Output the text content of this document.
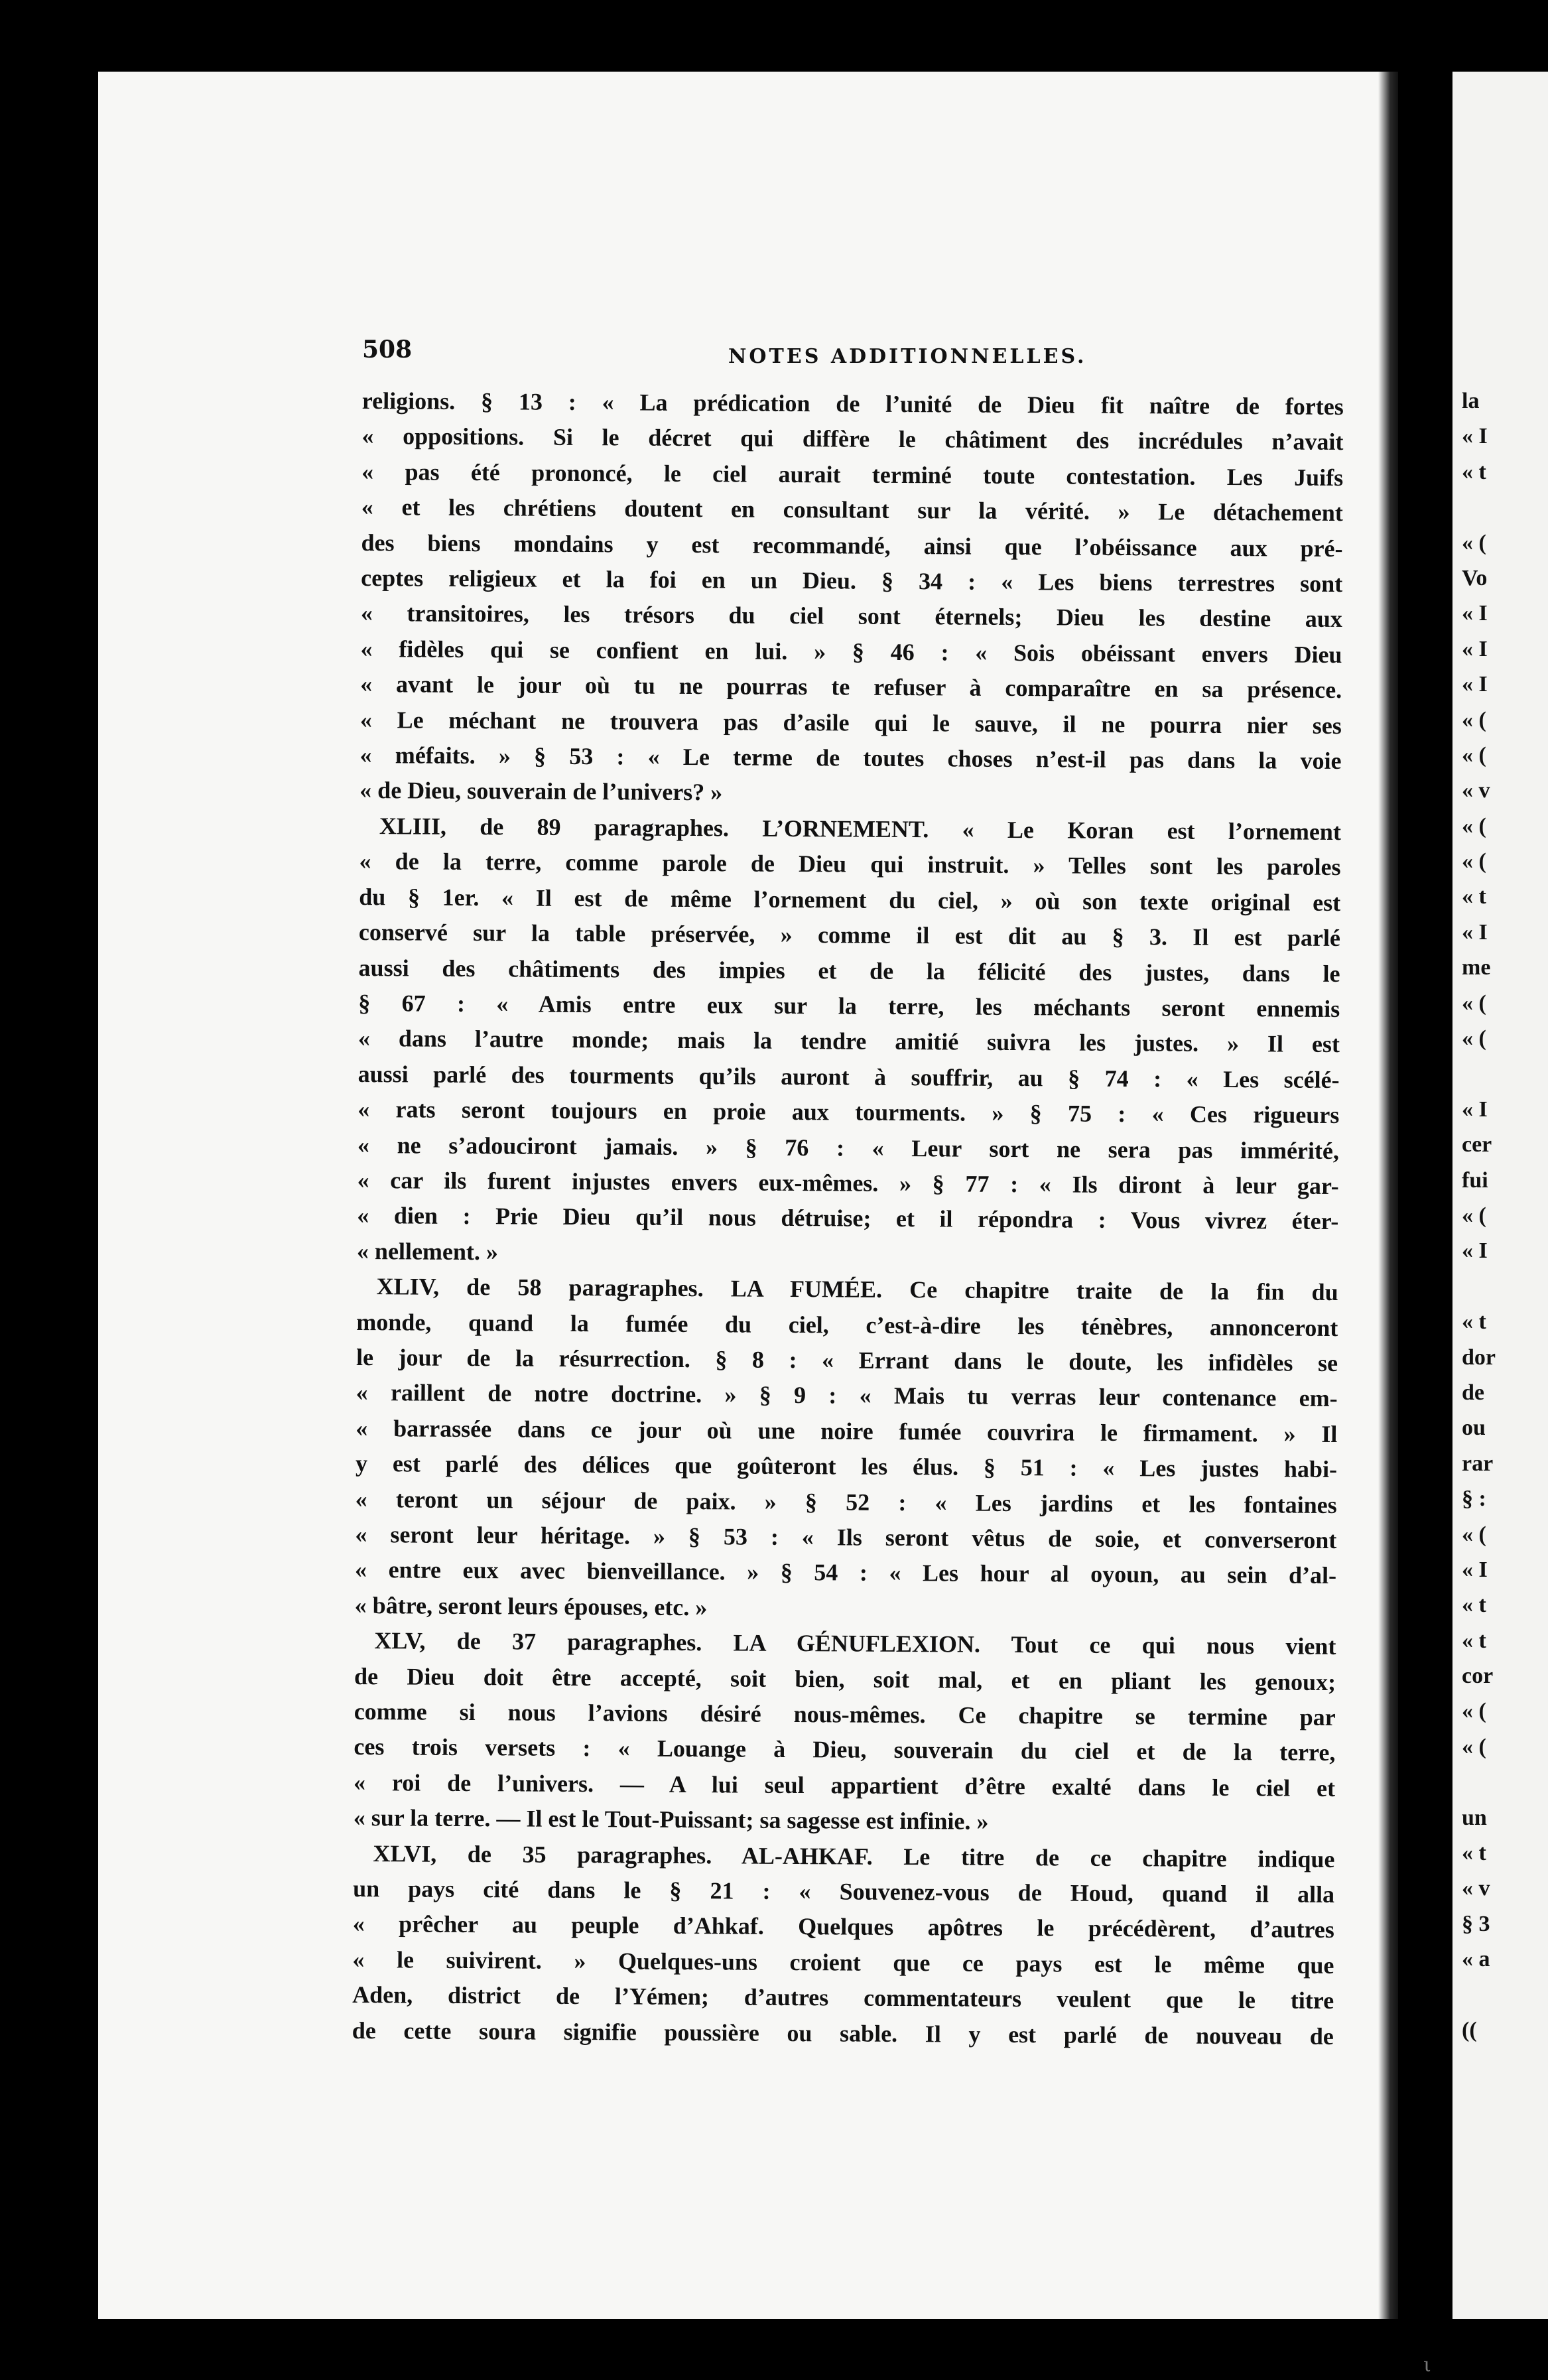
508	NOTES ADDITIONNELLES.
religions. § 13 : « La prédication de l’unité de Dieu fit naître de fortes
« oppositions. Si le décret qui diffère le châtiment des incrédules n’avait
« pas été prononcé, le ciel aurait terminé toute contestation. Les Juifs
« et les chrétiens doutent en consultant sur la vérité. » Le détachement
des biens mondains y est recommandé, ainsi que l’obéissance aux pré-
ceptes religieux et la foi en un Dieu. § 34 : « Les biens terrestres sont
« transitoires, les trésors du ciel sont éternels; Dieu les destine aux
« fidèles qui se confient en lui. » § 46 : « Sois obéissant envers Dieu
« avant le jour où tu ne pourras te refuser à comparaître en sa présence.
« Le méchant ne trouvera pas d’asile qui le sauve, il ne pourra nier ses
« méfaits. » § 53 : « Le terme de toutes choses n’est-il pas dans la voie
« de Dieu, souverain de l’univers? »
XLIII, de 89 paragraphes. L’ORNEMENT. « Le Koran est l’ornement
« de la terre, comme parole de Dieu qui instruit. » Telles sont les paroles
du § 1er. « Il est de même l’ornement du ciel, » où son texte original est
conservé sur la table préservée, » comme il est dit au § 3. Il est parlé
aussi des châtiments des impies et de la félicité des justes, dans le
§ 67 : « Amis entre eux sur la terre, les méchants seront ennemis
« dans l’autre monde; mais la tendre amitié suivra les justes. » Il est
aussi parlé des tourments qu’ils auront à souffrir, au § 74 : « Les scélé-
« rats seront toujours en proie aux tourments. » § 75 : « Ces rigueurs
« ne s’adouciront jamais. » § 76 : « Leur sort ne sera pas immérité,
« car ils furent injustes envers eux-mêmes. » § 77 : « Ils diront à leur gar-
« dien : Prie Dieu qu’il nous détruise; et il répondra : Vous vivrez éter-
« nellement. »
XLIV, de 58 paragraphes. LA FUMÉE. Ce chapitre traite de la fin du
monde, quand la fumée du ciel, c’est-à-dire les ténèbres, annonceront
le jour de la résurrection. § 8 : « Errant dans le doute, les infidèles se
« raillent de notre doctrine. » § 9 : « Mais tu verras leur contenance em-
« barrassée dans ce jour où une noire fumée couvrira le firmament. » Il
y est parlé des délices que goûteront les élus. § 51 : « Les justes habi-
« teront un séjour de paix. » § 52 : « Les jardins et les fontaines
« seront leur héritage. » § 53 : « Ils seront vêtus de soie, et converseront
« entre eux avec bienveillance. » § 54 : « Les hour al oyoun, au sein d’al-
« bâtre, seront leurs épouses, etc. »
XLV, de 37 paragraphes. LA GÉNUFLEXION. Tout ce qui nous vient
de Dieu doit être accepté, soit bien, soit mal, et en pliant les genoux;
comme si nous l’avions désiré nous-mêmes. Ce chapitre se termine par
ces trois versets : « Louange à Dieu, souverain du ciel et de la terre,
« roi de l’univers. — A lui seul appartient d’être exalté dans le ciel et
« sur la terre. — Il est le Tout-Puissant; sa sagesse est infinie. »
XLVI, de 35 paragraphes. AL-AHKAF. Le titre de ce chapitre indique
un pays cité dans le § 21 : « Souvenez-vous de Houd, quand il alla
« prêcher au peuple d’Ahkaf. Quelques apôtres le précédèrent, d’autres
« le suivirent. » Quelques-uns croient que ce pays est le même que
Aden, district de l’Yémen; d’autres commentateurs veulent que le titre
de cette soura signifie poussière ou sable. Il y est parlé de nouveau de
ι
la
« I
« t
« (
Vo
« I
« I
« I
« (
« (
« v
« (
« (
« t
« I
me
« (
« (
« I
cer
fui
« (
« I
« t
dor
de
ou
rar
§ :
« (
« I
« t
« t
cor
« (
« (
un
« t
« v
§ 3
« a
((
